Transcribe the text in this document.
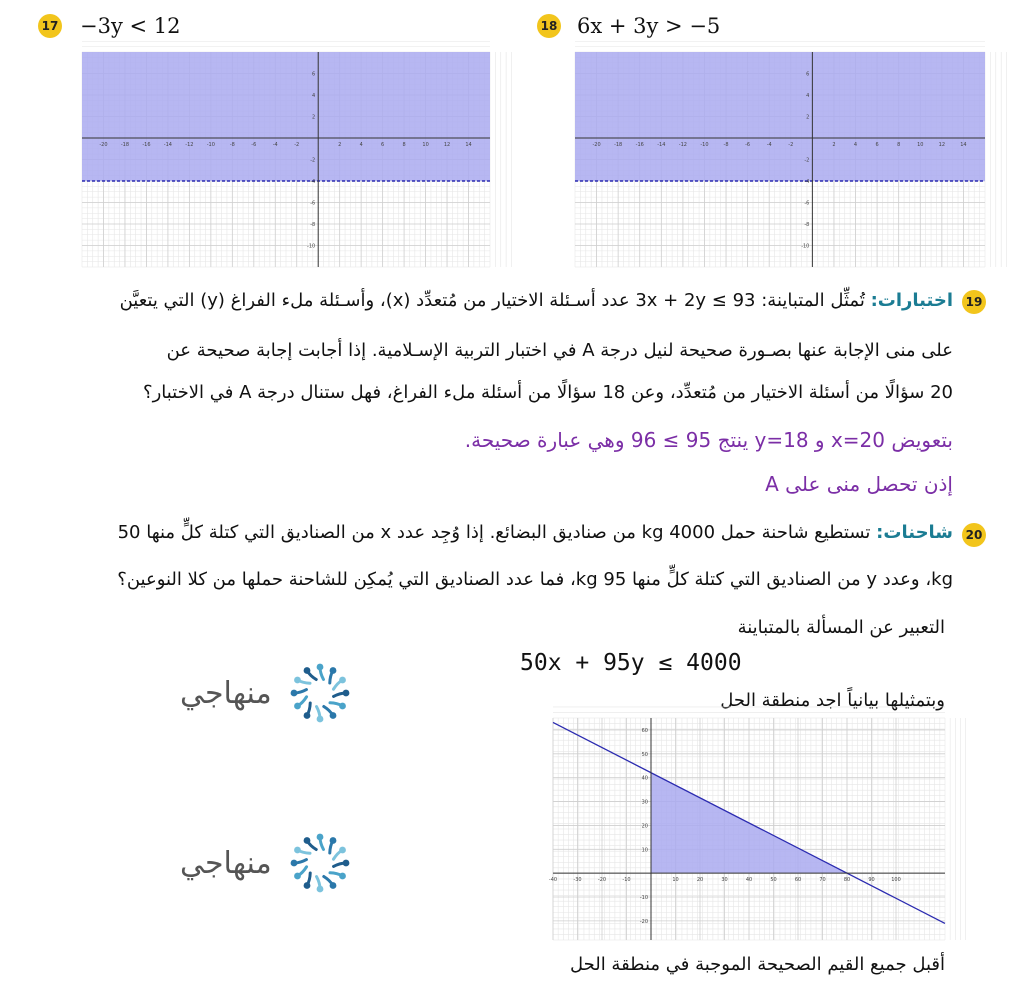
17 −3y < 12
-20	-18	-16	-14	-12	-10	-8	-6	-4	-2	2	4	6	8	10	12	14
-10
-8
-6
-4
-2
2
4
6
18 6x + 3y > −5
-20	-18	-16	-14	-12	-10	-8	-6	-4	-2	2	4	6	8	10	12	14
-10
-8
-6
-4
-2
2
4
6
19
اختبارات: تُمثِّل المتباينة: 93 ≥ 3x + 2y عدد أسـئلة الاختيار من مُتعدِّد (x)، وأسـئلة ملء الفراغ (y) التي يتعيَّن
على منى الإجابة عنها بصـورة صحيحة لنيل درجة A في اختبار التربية الإسـلامية. إذا أجابت إجابة صحيحة عن
20 سؤالًا من أسئلة الاختيار من مُتعدِّد، وعن 18 سؤالًا من أسئلة ملء الفراغ، فهل ستنال درجة A في الاختبار؟
بتعويض x=20 و y=18 ينتج 95 ≥ 96 وهي عبارة صحيحة.
إذن تحصل منى على A
20
شاحنات: تستطيع شاحنة حمل 4000 kg من صناديق البضائع. إذا وُجِد عدد x من الصناديق التي كتلة كلٍّ منها 50
kg، وعدد y من الصناديق التي كتلة كلٍّ منها 95 kg، فما عدد الصناديق التي يُمكِن للشاحنة حملها من كلا النوعين؟
التعبير عن المسألة بالمتباينة
50x + 95y ≤ 4000
وبتمثيلها بيانياً اجد منطقة الحل
-40	-30	-20	-10	10	20	30	40	50	60	70	80	90	100
-20
-10
10
20
30
40
50
60
أقبل جميع القيم الصحيحة الموجبة في منطقة الحل
منهاجي
منهاجي
